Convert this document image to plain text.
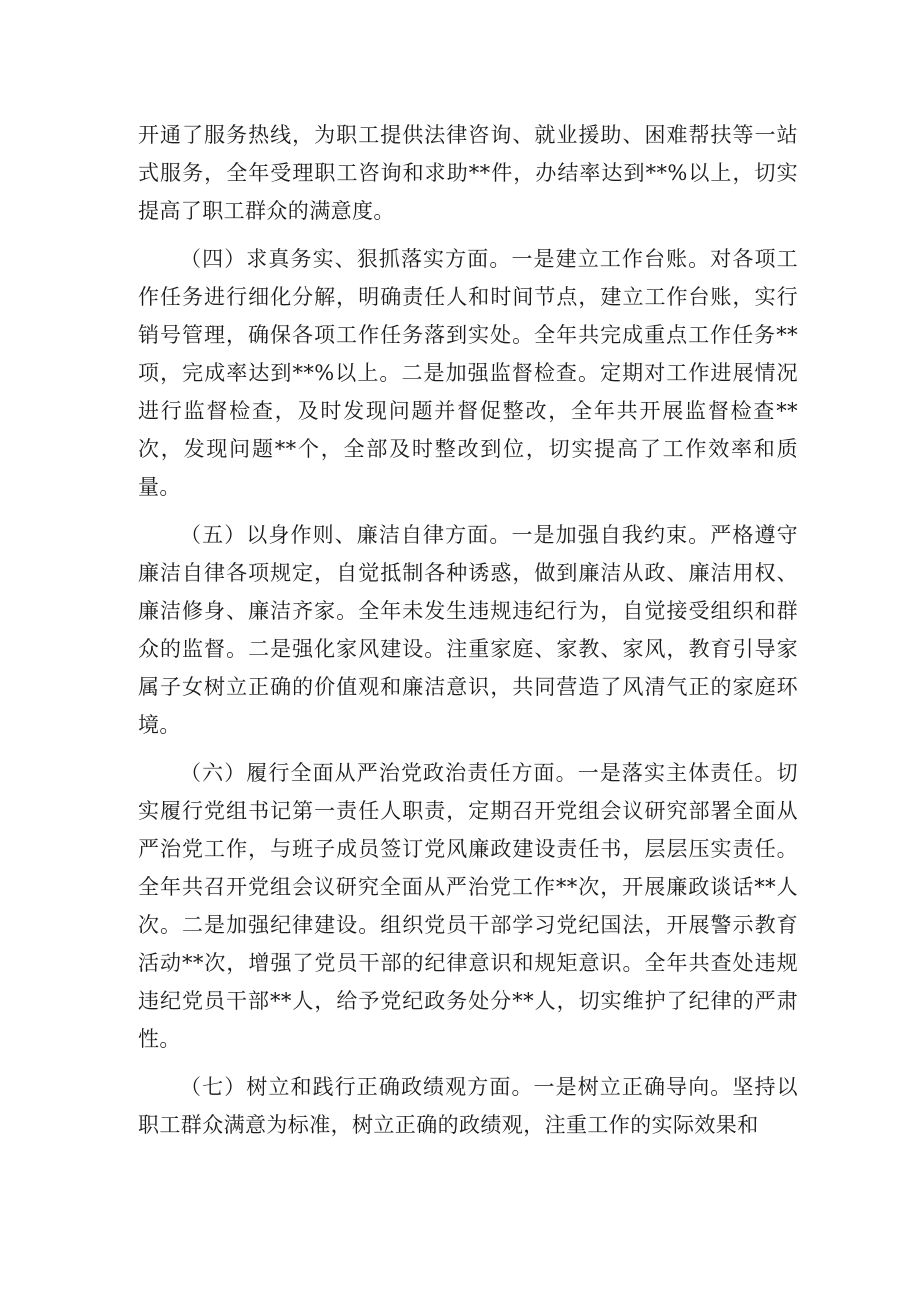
开通了服务热线，为职工提供法律咨询、就业援助、困难帮扶等一站式服务，全年受理职工咨询和求助**件，办结率达到**%以上，切实提高了职工群众的满意度。

（四）求真务实、狠抓落实方面。一是建立工作台账。对各项工作任务进行细化分解，明确责任人和时间节点，建立工作台账，实行销号管理，确保各项工作任务落到实处。全年共完成重点工作任务**项，完成率达到**%以上。二是加强监督检查。定期对工作进展情况进行监督检查，及时发现问题并督促整改，全年共开展监督检查**次，发现问题**个，全部及时整改到位，切实提高了工作效率和质量。

（五）以身作则、廉洁自律方面。一是加强自我约束。严格遵守廉洁自律各项规定，自觉抵制各种诱惑，做到廉洁从政、廉洁用权、廉洁修身、廉洁齐家。全年未发生违规违纪行为，自觉接受组织和群众的监督。二是强化家风建设。注重家庭、家教、家风，教育引导家属子女树立正确的价值观和廉洁意识，共同营造了风清气正的家庭环境。

（六）履行全面从严治党政治责任方面。一是落实主体责任。切实履行党组书记第一责任人职责，定期召开党组会议研究部署全面从严治党工作，与班子成员签订党风廉政建设责任书，层层压实责任。全年共召开党组会议研究全面从严治党工作**次，开展廉政谈话**人次。二是加强纪律建设。组织党员干部学习党纪国法，开展警示教育活动**次，增强了党员干部的纪律意识和规矩意识。全年共查处违规违纪党员干部**人，给予党纪政务处分**人，切实维护了纪律的严肃性。

（七）树立和践行正确政绩观方面。一是树立正确导向。坚持以职工群众满意为标准，树立正确的政绩观，注重工作的实际效果和
